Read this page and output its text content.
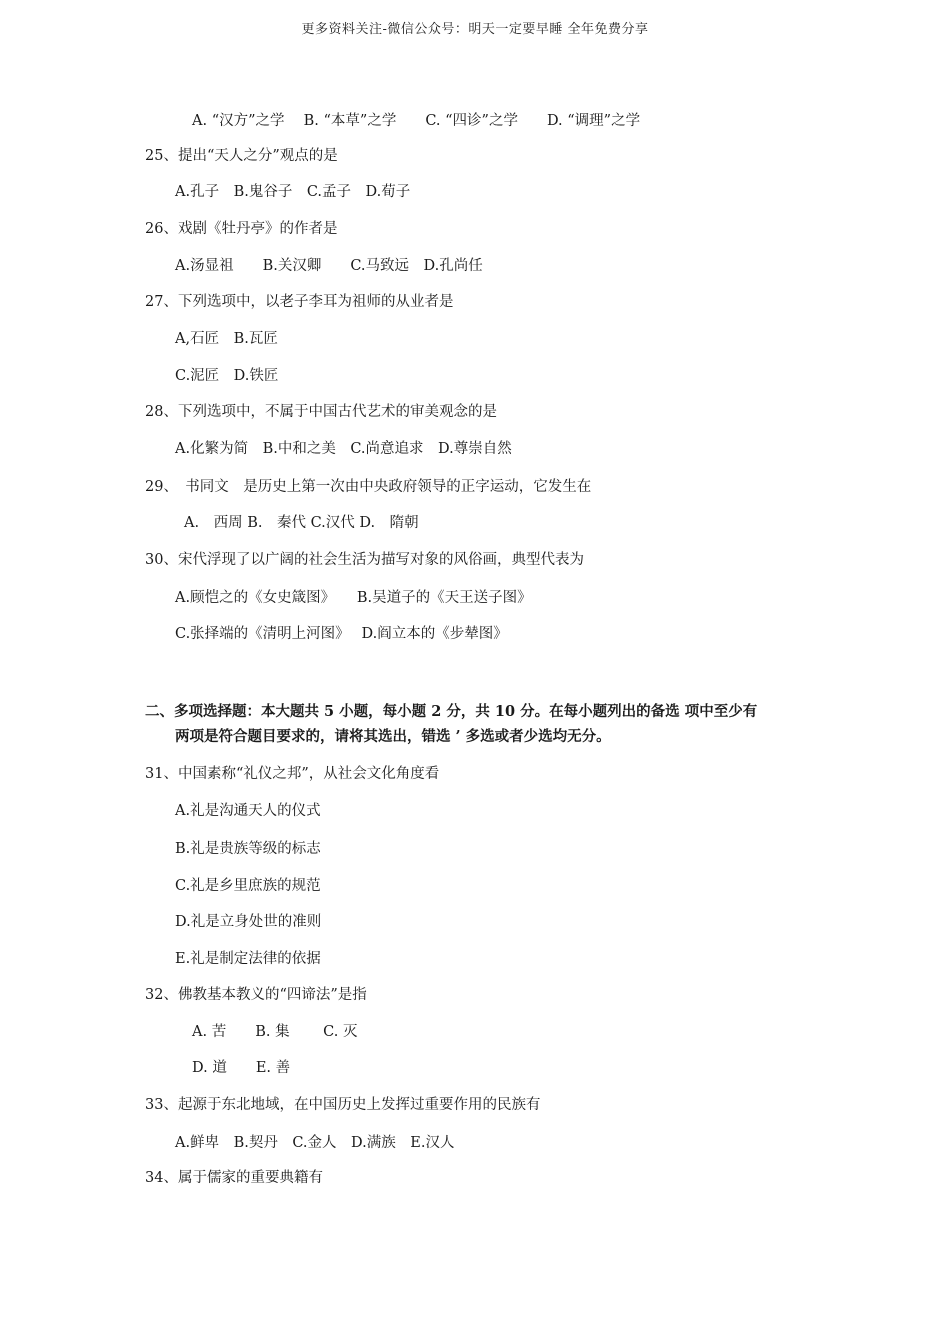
更多资料关注-微信公众号：明天一定要早睡 全年免费分享
A. “汉方”之学　 B. “本草”之学　　C. “四诊”之学　　D. “调理”之学
25、提出“天人之分”观点的是
A.孔子　B.鬼谷子　C.孟子　D.荀子
26、戏剧《牡丹亭》的作者是
A.汤显祖　　B.关汉卿　　C.马致远　D.孔尚任
27、下列选项中，以老子李耳为祖师的从业者是
A,石匠　B.瓦匠
C.泥匠　D.铁匠
28、下列选项中，不属于中国古代艺术的审美观念的是
A.化繁为简　B.中和之美　C.尚意追求　D.尊崇自然
29、　书同文　是历史上第一次由中央政府领导的正字运动，它发生在
A.　西周 B.　秦代 C.汉代 D.　隋朝
30、宋代浮现了以广阔的社会生活为描写对象的风俗画，典型代表为
A.顾恺之的《女史箴图》　　B.吴道子的《天王送子图》
C.张择端的《清明上河图》　 D.阎立本的《步辇图》
二、多项选择题：本大题共 5 小题，每小题 2 分，共 10 分。在每小题列出的备选 项中至少有
两项是符合题目要求的，请将其选出，错选 ’ 多选或者少选均无分。
31、中国素称“礼仪之邦”，从社会文化角度看
A.礼是沟通天人的仪式
B.礼是贵族等级的标志
C.礼是乡里庶族的规范
D.礼是立身处世的准则
E.礼是制定法律的依据
32、佛教基本教义的“四谛法”是指
A. 苦　　B. 集　　 C. 灭
D. 道　　E. 善
33、起源于东北地域，在中国历史上发挥过重要作用的民族有
A.鲜卑　B.契丹　C.金人　D.满族　E.汉人
34、属于儒家的重要典籍有
